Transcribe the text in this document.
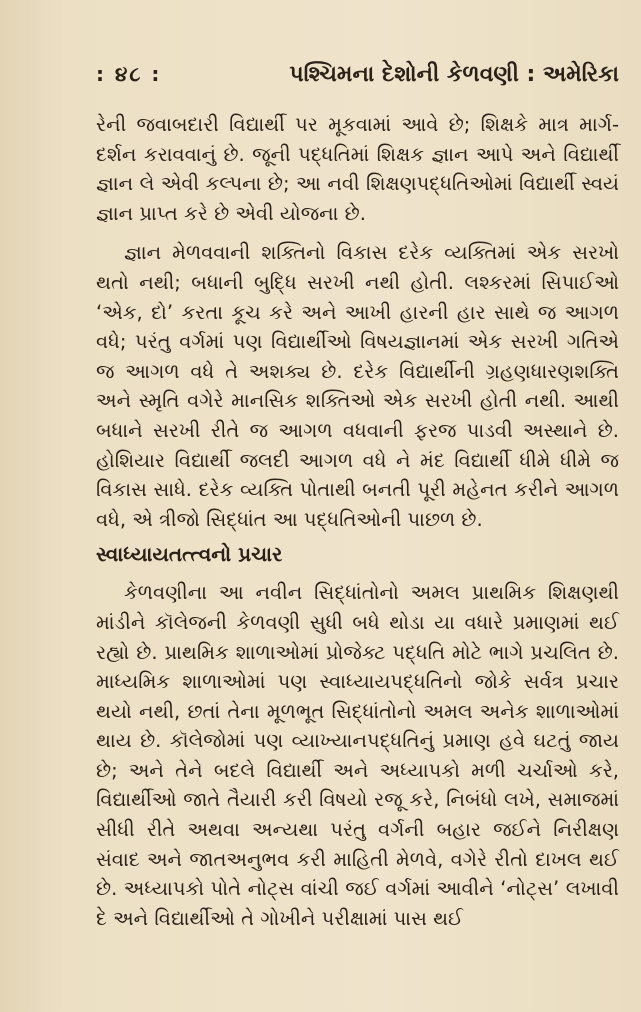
: ૪૮ :	પશ્ચિમના દેશોની કેળવણી : અમેરિકા

રેની જવાબદારી વિદ્યાર્થી પર મૂકવામાં આવે છે; શિક્ષકે માત્ર માર્ગ-દર્શન કરાવવાનું છે. જૂની પદ્ધતિમાં શિક્ષક જ્ઞાન આપે અને વિદ્યાર્થી જ્ઞાન લે એવી કલ્પના છે; આ નવી શિક્ષણપદ્ધતિઓમાં વિદ્યાર્થી સ્વયં જ્ઞાન પ્રાપ્ત કરે છે એવી યોજના છે.

જ્ઞાન મેળવવાની શક્તિનો વિકાસ દરેક વ્યક્તિમાં એક સરખો થતો નથી; બધાની બુદ્ધિ સરખી નથી હોતી. લશ્કરમાં સિપાઈઓ ‘એક, દો’ કરતા કૂચ કરે અને આખી હારની હાર સાથે જ આગળ વધે; પરંતુ વર્ગમાં પણ વિદ્યાર્થીઓ વિષયજ્ઞાનમાં એક સરખી ગતિએ જ આગળ વધે તે અશક્ય છે. દરેક વિદ્યાર્થીની ગ્રહણધારણશક્તિ અને સ્મૃતિ વગેરે માનસિક શક્તિઓ એક સરખી હોતી નથી. આથી બધાને સરખી રીતે જ આગળ વધવાની ફરજ પાડવી અસ્થાને છે. હોશિયાર વિદ્યાર્થી જલદી આગળ વધે ને મંદ વિદ્યાર્થી ધીમે ધીમે જ વિકાસ સાધે. દરેક વ્યક્તિ પોતાથી બનતી પૂરી મહેનત કરીને આગળ વધે, એ ત્રીજો સિદ્ધાંત આ પદ્ધતિઓની પાછળ છે.

સ્વાધ્યાયતત્ત્વનો પ્રચાર

કેળવણીના આ નવીન સિદ્ધાંતોનો અમલ પ્રાથમિક શિક્ષણથી માંડીને કૉલેજની કેળવણી સુધી બધે થોડા યા વધારે પ્રમાણમાં થઈ રહ્યો છે. પ્રાથમિક શાળાઓમાં પ્રોજેક્ટ પદ્ધતિ મોટે ભાગે પ્રચલિત છે. માધ્યમિક શાળાઓમાં પણ સ્વાધ્યાયપદ્ધતિનો જોકે સર્વત્ર પ્રચાર થયો નથી, છતાં તેના મૂળભૂત સિદ્ધાંતોનો અમલ અનેક શાળાઓમાં થાય છે. કૉલેજોમાં પણ વ્યાખ્યાનપદ્ધતિનું પ્રમાણ હવે ઘટતું જાય છે; અને તેને બદલે વિદ્યાર્થી અને અધ્યાપકો મળી ચર્ચાઓ કરે, વિદ્યાર્થીઓ જાતે તૈયારી કરી વિષયો રજૂ કરે, નિબંધો લખે, સમાજમાં સીધી રીતે અથવા અન્યથા પરંતુ વર્ગની બહાર જઈને નિરીક્ષણ સંવાદ અને જાતઅનુભવ કરી માહિતી મેળવે, વગેરે રીતો દાખલ થઈ છે. અધ્યાપકો પોતે નોટ્સ વાંચી જઈ વર્ગમાં આવીને ‘નોટ્સ’ લખાવી દે અને વિદ્યાર્થીઓ તે ગોખીને પરીક્ષામાં પાસ થઈ
